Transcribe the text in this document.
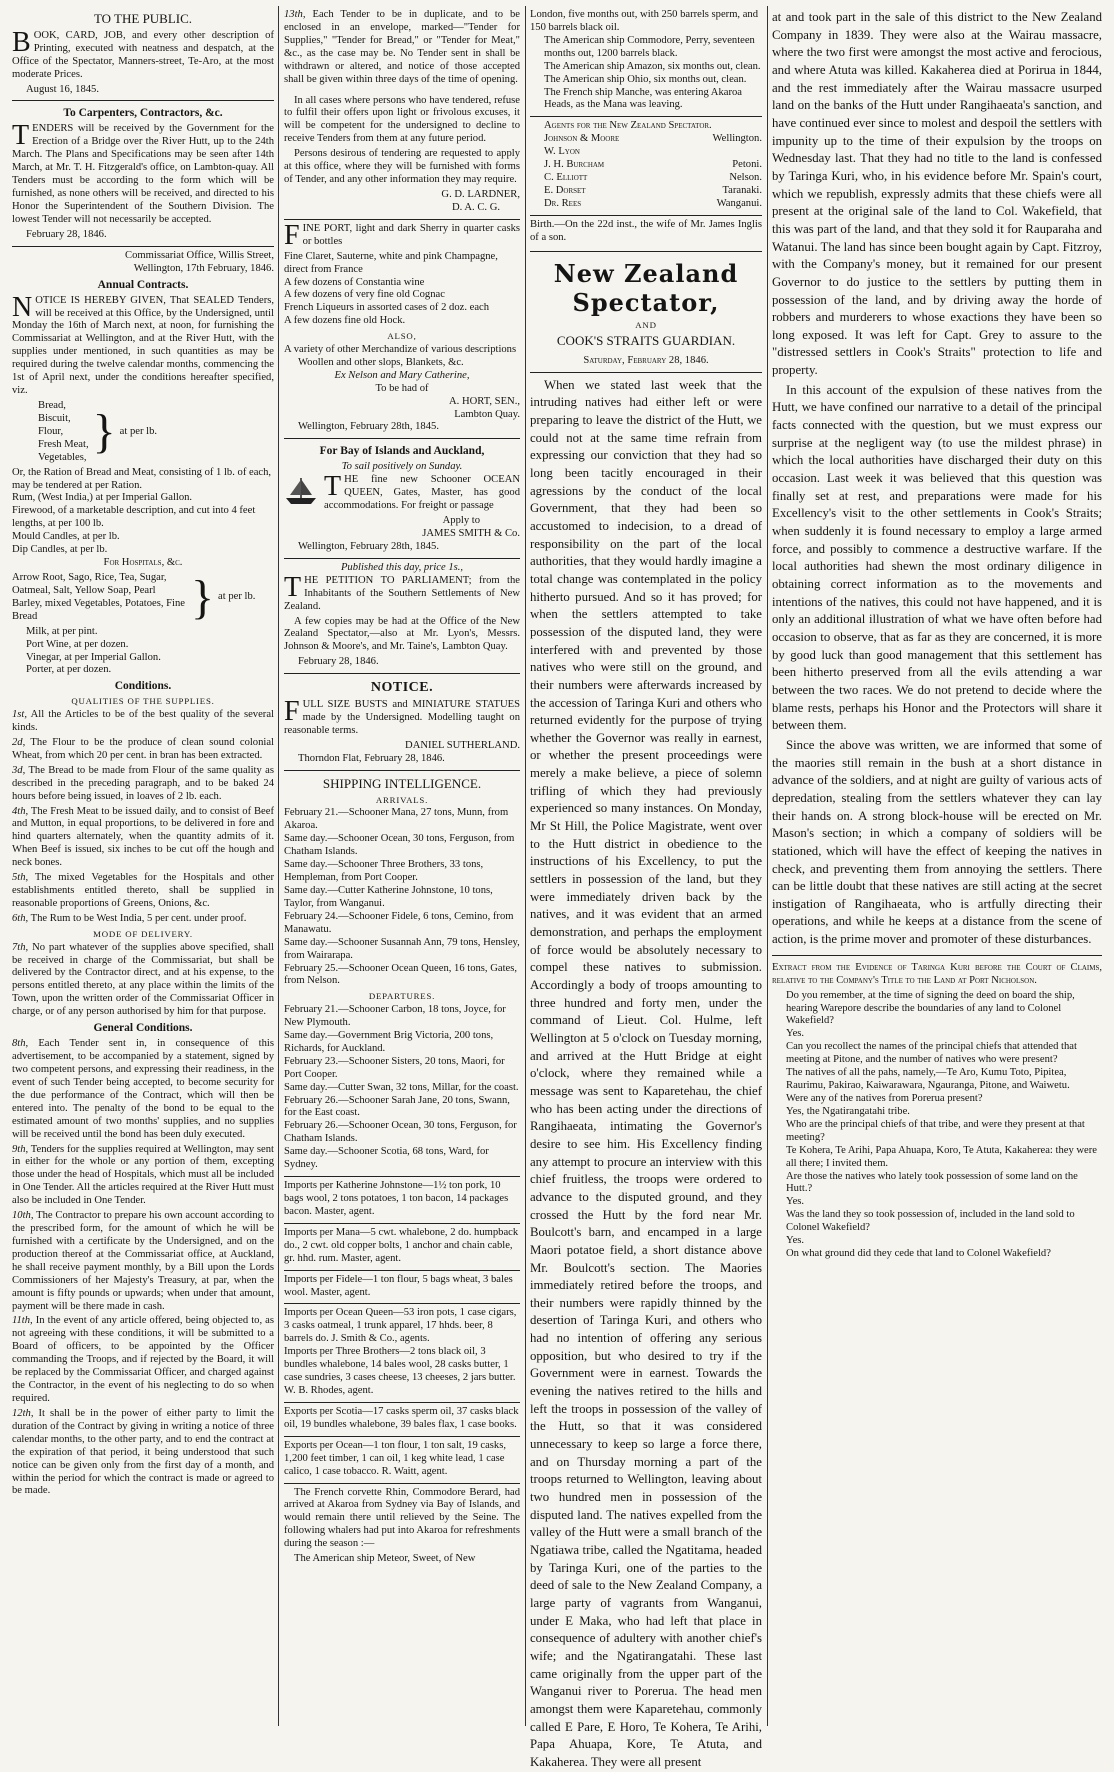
TO THE PUBLIC.

BOOK, CARD, JOB, and every other description of Printing, executed with neatness and despatch, at the Office of the Spectator, Manners-street, Te-Aro, at the most moderate Prices.

August 16, 1845.
To Carpenters, Contractors, &c.

TENDERS will be received by the Government for the Erection of a Bridge over the River Hutt, up to the 24th March. The Plans and Specifications may be seen after 14th March, at Mr. T. H. Fitzgerald's office, on Lambton-quay. All Tenders must be according to the form which will be furnished, as none others will be received, and directed to his Honor the Superintendent of the Southern Division. The lowest Tender will not necessarily be accepted.

February 28, 1846.
Commissariat Office, Willis Street,
Wellington, 17th February, 1846.
Annual Contracts.

NOTICE IS HEREBY GIVEN, That SEALED Tenders, will be received at this Office, by the Undersigned, until Monday the 16th of March next, at noon, for furnishing the Commissariat at Wellington, and at the River Hutt, with the supplies under mentioned, in such quantities as may be required during the twelve calendar months, commencing the 1st of April next, under the conditions hereafter specified, viz.

Bread,
Biscuit,
Flour,
Fresh Meat,
Vegetables, } at per lb.
Or, the Ration of Bread and Meat, consisting of 1 lb. of each, may be tendered at per Ration.
Rum, (West India,) at per Imperial Gallon.
Firewood, of a marketable description, and cut into 4 feet lengths, at per 100 lb.
Mould Candles, at per lb.
Dip Candles, at per lb.
For Hospitals, &c.
Arrow Root, Sago, Rice, Tea, Sugar, Oatmeal, Salt, Yellow Soap, Pearl Barley, mixed Vegetables, Potatoes, Fine Bread	} at per lb.
Milk, at per pint.
Port Wine, at per dozen.
Vinegar, at per Imperial Gallon.
Porter, at per dozen.
Conditions.
QUALITIES OF THE SUPPLIES.

1st, All the Articles to be of the best quality of the several kinds.

2d, The Flour to be the produce of clean sound colonial Wheat, from which 20 per cent. in bran has been extracted.

3d, The Bread to be made from Flour of the same quality as described in the preceding paragraph, and to be baked 24 hours before being issued, in loaves of 2 lb. each.

4th, The Fresh Meat to be issued daily, and to consist of Beef and Mutton, in equal proportions, to be delivered in fore and hind quarters alternately, when the quantity admits of it. When Beef is issued, six inches to be cut off the hough and neck bones.

5th, The mixed Vegetables for the Hospitals and other establishments entitled thereto, shall be supplied in reasonable proportions of Greens, Onions, &c.

6th, The Rum to be West India, 5 per cent. under proof.

MODE OF DELIVERY.

7th, No part whatever of the supplies above specified, shall be received in charge of the Commissariat, but shall be delivered by the Contractor direct, and at his expense, to the persons entitled thereto, at any place within the limits of the Town, upon the written order of the Commissariat Officer in charge, or of any person authorised by him for that purpose.

General Conditions.

8th, Each Tender sent in, in consequence of this advertisement, to be accompanied by a statement, signed by two competent persons, and expressing their readiness, in the event of such Tender being accepted, to become security for the due performance of the Contract, which will then be entered into. The penalty of the bond to be equal to the estimated amount of two months' supplies, and no supplies will be received until the bond has been duly executed.

9th, Tenders for the supplies required at Wellington, may sent in either for the whole or any portion of them, excepting those under the head of Hospitals, which must all be included in One Tender. All the articles required at the River Hutt must also be included in One Tender.

10th, The Contractor to prepare his own account according to the prescribed form, for the amount of which he will be furnished with a certificate by the Undersigned, and on the production thereof at the Commissariat office, at Auckland, he shall receive payment monthly, by a Bill upon the Lords Commissioners of her Majesty's Treasury, at par, when the amount is fifty pounds or upwards; when under that amount, payment will be there made in cash.

11th, In the event of any article offered, being objected to, as not agreeing with these conditions, it will be submitted to a Board of officers, to be appointed by the Officer commanding the Troops, and if rejected by the Board, it will be replaced by the Commissariat Officer, and charged against the Contractor, in the event of his neglecting to do so when required.

12th, It shall be in the power of either party to limit the duration of the Contract by giving in writing a notice of three calendar months, to the other party, and to end the contract at the expiration of that period, it being understood that such notice can be given only from the first day of a month, and within the period for which the contract is made or agreed to be made.

13th, Each Tender to be in duplicate, and to be enclosed in an envelope, marked—"Tender for Supplies," "Tender for Bread," or "Tender for Meat," &c., as the case may be. No Tender sent in shall be withdrawn or altered, and notice of those accepted shall be given within three days of the time of opening.

In all cases where persons who have tendered, refuse to fulfil their offers upon light or frivolous excuses, it will be competent for the undersigned to decline to receive Tenders from them at any future period.

Persons desirous of tendering are requested to apply at this office, where they will be furnished with forms of Tender, and any other information they may require.

G. D. LARDNER,
D. A. C. G.

FINE PORT, light and dark Sherry in quarter casks or bottles

Fine Claret, Sauterne, white and pink Champagne, direct from France
A few dozens of Constantia wine
A few dozens of very fine old Cognac
French Liqueurs in assorted cases of 2 doz. each
A few dozens fine old Hock.
ALSO,
A variety of other Merchandize of various descriptions
Woollen and other slops, Blankets, &c.
Ex Nelson and Mary Catherine,
To be had of
A. HORT, SEN.,
Lambton Quay.
Wellington, February 28th, 1845.
For Bay of Islands and Auckland,
To sail positively on Sunday.

THE fine new Schooner OCEAN QUEEN, Gates, Master, has good accommodations. For freight or passage

Apply to
JAMES SMITH & Co.
Wellington, February 28th, 1845.
Published this day, price 1s.,

THE PETITION TO PARLIAMENT; from the Inhabitants of the Southern Settlements of New Zealand.

A few copies may be had at the Office of the New Zealand Spectator,—also at Mr. Lyon's, Messrs. Johnson & Moore's, and Mr. Taine's, Lambton Quay.

February 28, 1846.
NOTICE.

FULL SIZE BUSTS and MINIATURE STATUES made by the Undersigned. Modelling taught on reasonable terms.

DANIEL SUTHERLAND.
Thorndon Flat, February 28, 1846.
SHIPPING INTELLIGENCE.
ARRIVALS.
February 21.—Schooner Mana, 27 tons, Munn, from Akaroa.
Same day.—Schooner Ocean, 30 tons, Ferguson, from Chatham Islands.
Same day.—Schooner Three Brothers, 33 tons, Hempleman, from Port Cooper.
Same day.—Cutter Katherine Johnstone, 10 tons, Taylor, from Wanganui.
February 24.—Schooner Fidele, 6 tons, Cemino, from Manawatu.
Same day.—Schooner Susannah Ann, 79 tons, Hensley, from Wairarapa.
February 25.—Schooner Ocean Queen, 16 tons, Gates, from Nelson.
DEPARTURES.
February 21.—Schooner Carbon, 18 tons, Joyce, for New Plymouth.
Same day.—Government Brig Victoria, 200 tons, Richards, for Auckland.
February 23.—Schooner Sisters, 20 tons, Maori, for Port Cooper.
Same day.—Cutter Swan, 32 tons, Millar, for the coast.
February 26.—Schooner Sarah Jane, 20 tons, Swann, for the East coast.
February 26.—Schooner Ocean, 30 tons, Ferguson, for Chatham Islands.
Same day.—Schooner Scotia, 68 tons, Ward, for Sydney.
Imports per Katherine Johnstone—1½ ton pork, 10 bags wool, 2 tons potatoes, 1 ton bacon, 14 packages bacon. Master, agent.
Imports per Mana—5 cwt. whalebone, 2 do. humpback do., 2 cwt. old copper bolts, 1 anchor and chain cable, gr. hhd. rum. Master, agent.
Imports per Fidele—1 ton flour, 5 bags wheat, 3 bales wool. Master, agent.
Imports per Ocean Queen—53 iron pots, 1 case cigars, 3 casks oatmeal, 1 trunk apparel, 17 hhds. beer, 8 barrels do. J. Smith & Co., agents.
Imports per Three Brothers—2 tons black oil, 3 bundles whalebone, 14 bales wool, 28 casks butter, 1 case sundries, 3 cases cheese, 13 cheeses, 2 jars butter. W. B. Rhodes, agent.
Exports per Scotia—17 casks sperm oil, 37 casks black oil, 19 bundles whalebone, 39 bales flax, 1 case books.
Exports per Ocean—1 ton flour, 1 ton salt, 19 casks, 1,200 feet timber, 1 can oil, 1 keg white lead, 1 case calico, 1 case tobacco. R. Waitt, agent.

The French corvette Rhin, Commodore Berard, had arrived at Akaroa from Sydney via Bay of Islands, and would remain there until relieved by the Seine. The following whalers had put into Akaroa for refreshments during the season :—

The American ship Meteor, Sweet, of New

London, five months out, with 250 barrels sperm, and 150 barrels black oil.
The American ship Commodore, Perry, seventeen months out, 1200 barrels black.
The American ship Amazon, six months out, clean.
The American ship Ohio, six months out, clean.
The French ship Manche, was entering Akaroa Heads, as the Mana was leaving.
Agents for the New Zealand Spectator.
Johnson & Moore	Wellington.
W. Lyon
J. H. Burcham	Petoni.
C. Elliott	Nelson.
E. Dorset	Taranaki.
Dr. Rees	Wanganui.

Birth.—On the 22d inst., the wife of Mr. James Inglis of a son.

New Zealand Spectator,
AND
COOK'S STRAITS GUARDIAN.
Saturday, February 28, 1846.

When we stated last week that the intruding natives had either left or were preparing to leave the district of the Hutt, we could not at the same time refrain from expressing our conviction that they had so long been tacitly encouraged in their agressions by the conduct of the local Government, that they had been so accustomed to indecision, to a dread of responsibility on the part of the local authorities, that they would hardly imagine a total change was contemplated in the policy hitherto pursued. And so it has proved; for when the settlers attempted to take possession of the disputed land, they were interfered with and prevented by those natives who were still on the ground, and their numbers were afterwards increased by the accession of Taringa Kuri and others who returned evidently for the purpose of trying whether the Governor was really in earnest, or whether the present proceedings were merely a make believe, a piece of solemn trifling of which they had previously experienced so many instances. On Monday, Mr St Hill, the Police Magistrate, went over to the Hutt district in obedience to the instructions of his Excellency, to put the settlers in possession of the land, but they were immediately driven back by the natives, and it was evident that an armed demonstration, and perhaps the employment of force would be absolutely necessary to compel these natives to submission. Accordingly a body of troops amounting to three hundred and forty men, under the command of Lieut. Col. Hulme, left Wellington at 5 o'clock on Tuesday morning, and arrived at the Hutt Bridge at eight o'clock, where they remained while a message was sent to Kaparetehau, the chief who has been acting under the directions of Rangihaeata, intimating the Governor's desire to see him. His Excellency finding any attempt to procure an interview with this chief fruitless, the troops were ordered to advance to the disputed ground, and they crossed the Hutt by the ford near Mr. Boulcott's barn, and encamped in a large Maori potatoe field, a short distance above Mr. Boulcott's section. The Maories immediately retired before the troops, and their numbers were rapidly thinned by the desertion of Taringa Kuri, and others who had no intention of offering any serious opposition, but who desired to try if the Government were in earnest. Towards the evening the natives retired to the hills and left the troops in possession of the valley of the Hutt, so that it was considered unnecessary to keep so large a force there, and on Thursday morning a part of the troops returned to Wellington, leaving about two hundred men in possession of the disputed land. The natives expelled from the valley of the Hutt were a small branch of the Ngatiawa tribe, called the Ngatitama, headed by Taringa Kuri, one of the parties to the deed of sale to the New Zealand Company, a large party of vagrants from Wanganui, under E Maka, who had left that place in consequence of adultery with another chief's wife; and the Ngatirangatahi. These last came originally from the upper part of the Wanganui river to Porerua. The head men amongst them were Kaparetehau, commonly called E Pare, E Horo, Te Kohera, Te Arihi, Papa Ahuapa, Kore, Te Atuta, and Kakaherea. They were all present

at and took part in the sale of this district to the New Zealand Company in 1839. They were also at the Wairau massacre, where the two first were amongst the most active and ferocious, and where Atuta was killed. Kakaherea died at Porirua in 1844, and the rest immediately after the Wairau massacre usurped land on the banks of the Hutt under Rangihaeata's sanction, and have continued ever since to molest and despoil the settlers with impunity up to the time of their expulsion by the troops on Wednesday last. That they had no title to the land is confessed by Taringa Kuri, who, in his evidence before Mr. Spain's court, which we republish, expressly admits that these chiefs were all present at the original sale of the land to Col. Wakefield, that this was part of the land, and that they sold it for Rauparaha and Watanui. The land has since been bought again by Capt. Fitzroy, with the Company's money, but it remained for our present Governor to do justice to the settlers by putting them in possession of the land, and by driving away the horde of robbers and murderers to whose exactions they have been so long exposed. It was left for Capt. Grey to assure to the "distressed settlers in Cook's Straits" protection to life and property.

In this account of the expulsion of these natives from the Hutt, we have confined our narrative to a detail of the principal facts connected with the question, but we must express our surprise at the negligent way (to use the mildest phrase) in which the local authorities have discharged their duty on this occasion. Last week it was believed that this question was finally set at rest, and preparations were made for his Excellency's visit to the other settlements in Cook's Straits; when suddenly it is found necessary to employ a large armed force, and possibly to commence a destructive warfare. If the local authorities had shewn the most ordinary diligence in obtaining correct information as to the movements and intentions of the natives, this could not have happened, and it is only an additional illustration of what we have often before had occasion to observe, that as far as they are concerned, it is more by good luck than good management that this settlement has been hitherto preserved from all the evils attending a war between the two races. We do not pretend to decide where the blame rests, perhaps his Honor and the Protectors will share it between them.

Since the above was written, we are informed that some of the maories still remain in the bush at a short distance in advance of the soldiers, and at night are guilty of various acts of depredation, stealing from the settlers whatever they can lay their hands on. A strong block-house will be erected on Mr. Mason's section; in which a company of soldiers will be stationed, which will have the effect of keeping the natives in check, and preventing them from annoying the settlers. There can be little doubt that these natives are still acting at the secret instigation of Rangihaeata, who is artfully directing their operations, and while he keeps at a distance from the scene of action, is the prime mover and promoter of these disturbances.

Extract from the Evidence of Taringa Kuri before the Court of Claims, relative to the Company's Title to the Land at Port Nicholson.

Do you remember, at the time of signing the deed on board the ship, hearing Warepore describe the boundaries of any land to Colonel Wakefield?
Yes.
Can you recollect the names of the principal chiefs that attended that meeting at Pitone, and the number of natives who were present?
The natives of all the pahs, namely,—Te Aro, Kumu Toto, Pipitea, Raurimu, Pakirao, Kaiwarawara, Ngauranga, Pitone, and Waiwetu.
Were any of the natives from Porerua present?
Yes, the Ngatirangatahi tribe.
Who are the principal chiefs of that tribe, and were they present at that meeting?
Te Kohera, Te Arihi, Papa Ahuapa, Koro, Te Atuta, Kakaherea: they were all there; I invited them.
Are those the natives who lately took possession of some land on the Hutt.?
Yes.
Was the land they so took possession of, included in the land sold to Colonel Wakefield?
Yes.
On what ground did they cede that land to Colonel Wakefield?
